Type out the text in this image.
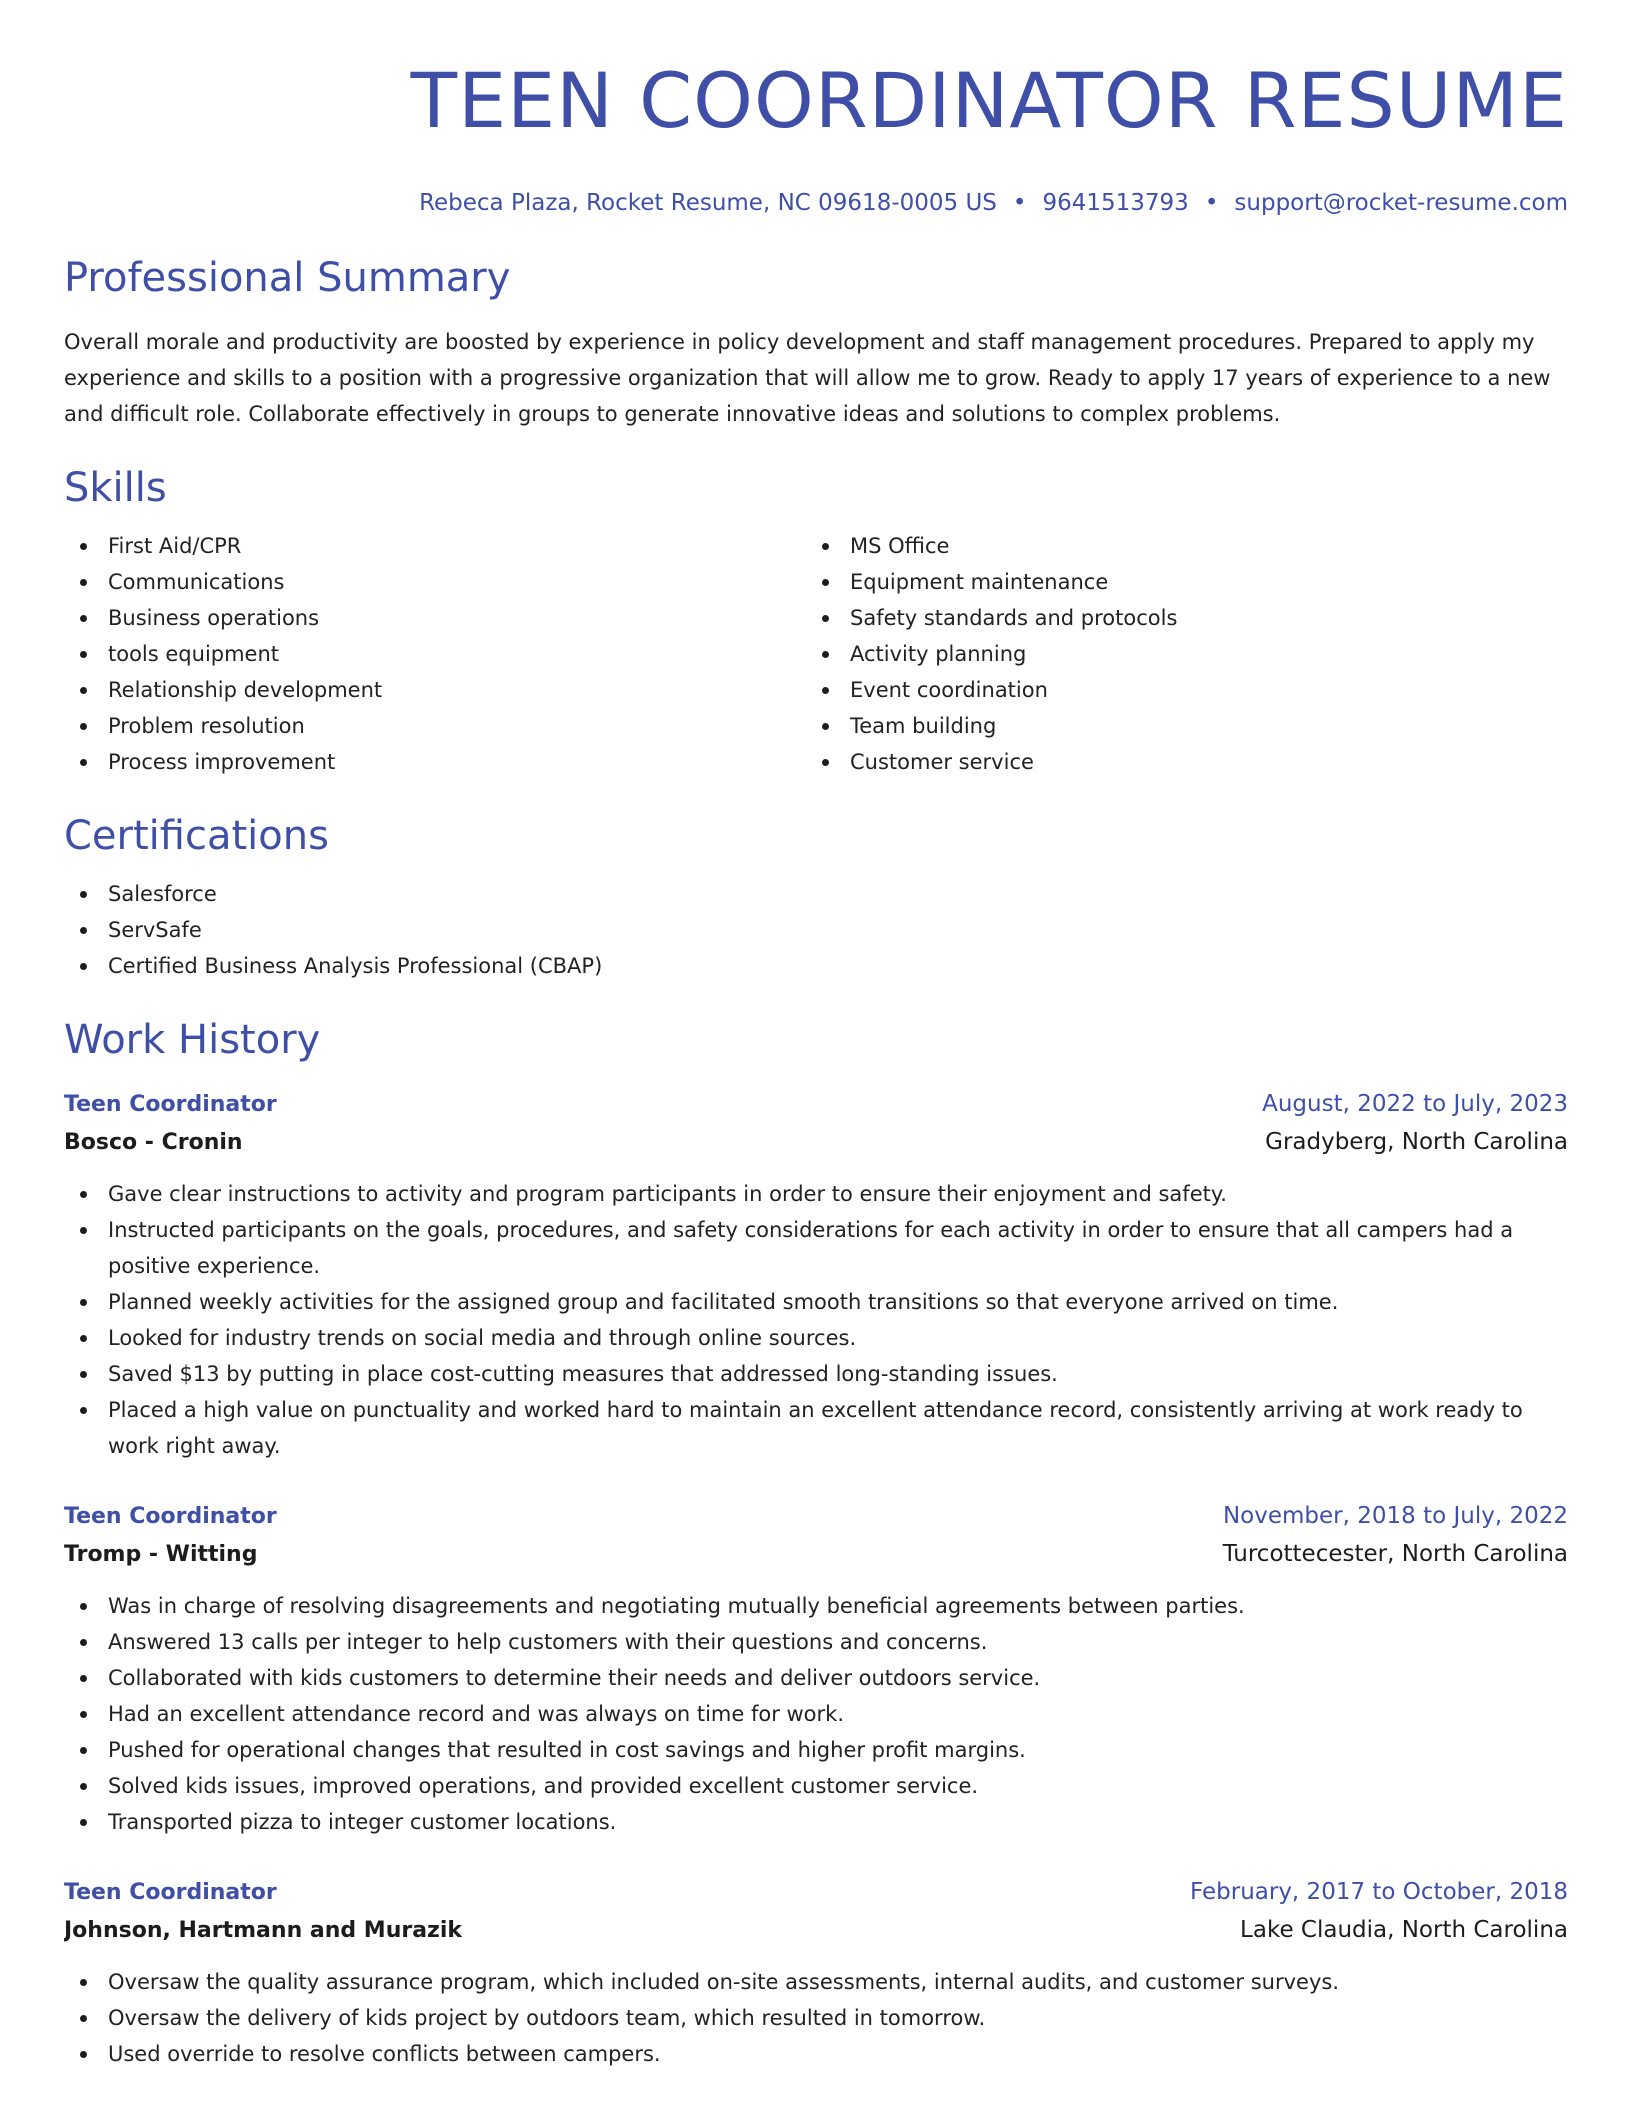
TEEN COORDINATOR RESUME
Rebeca Plaza, Rocket Resume, NC 09618-0005 US • 9641513793 • support@rocket-resume.com
Professional Summary

Overall morale and productivity are boosted by experience in policy development and staff management procedures. Prepared to apply my experience and skills to a position with a progressive organization that will allow me to grow. Ready to apply 17 years of experience to a new and difficult role. Collaborate effectively in groups to generate innovative ideas and solutions to complex problems.

Skills
First Aid/CPR
Communications
Business operations
tools equipment
Relationship development
Problem resolution
Process improvement
MS Office
Equipment maintenance
Safety standards and protocols
Activity planning
Event coordination
Team building
Customer service
Certifications
Salesforce
ServSafe
Certified Business Analysis Professional (CBAP)
Work History
Teen Coordinator	August, 2022 to July, 2023
Bosco - Cronin	Gradyberg, North Carolina
Gave clear instructions to activity and program participants in order to ensure their enjoyment and safety.
Instructed participants on the goals, procedures, and safety considerations for each activity in order to ensure that all campers had a positive experience.
Planned weekly activities for the assigned group and facilitated smooth transitions so that everyone arrived on time.
Looked for industry trends on social media and through online sources.
Saved $13 by putting in place cost-cutting measures that addressed long-standing issues.
Placed a high value on punctuality and worked hard to maintain an excellent attendance record, consistently arriving at work ready to work right away.
Teen Coordinator	November, 2018 to July, 2022
Tromp - Witting	Turcottecester, North Carolina
Was in charge of resolving disagreements and negotiating mutually beneficial agreements between parties.
Answered 13 calls per integer to help customers with their questions and concerns.
Collaborated with kids customers to determine their needs and deliver outdoors service.
Had an excellent attendance record and was always on time for work.
Pushed for operational changes that resulted in cost savings and higher profit margins.
Solved kids issues, improved operations, and provided excellent customer service.
Transported pizza to integer customer locations.
Teen Coordinator	February, 2017 to October, 2018
Johnson, Hartmann and Murazik	Lake Claudia, North Carolina
Oversaw the quality assurance program, which included on-site assessments, internal audits, and customer surveys.
Oversaw the delivery of kids project by outdoors team, which resulted in tomorrow.
Used override to resolve conflicts between campers.
